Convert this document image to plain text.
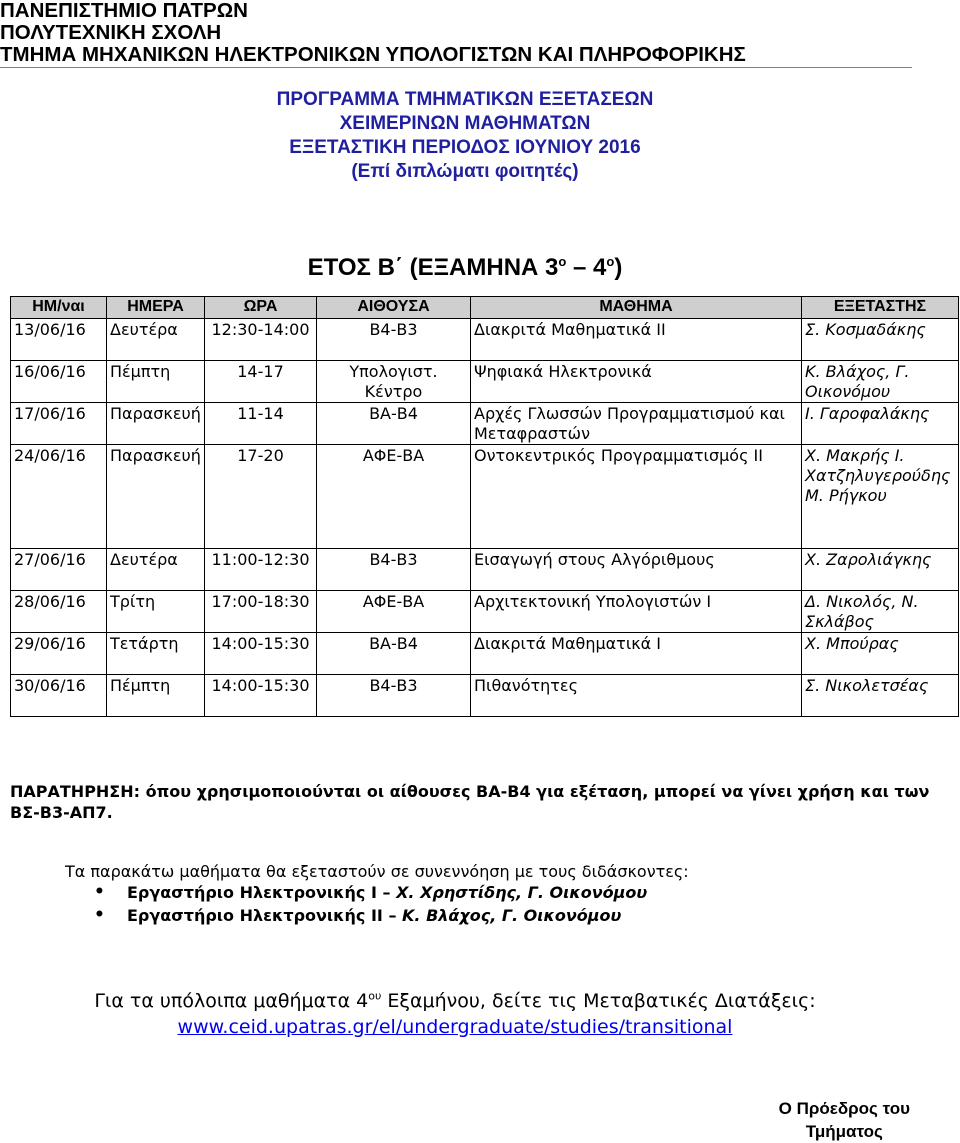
ΠΑΝΕΠΙΣΤΗΜΙΟ ΠΑΤΡΩΝ
ΠΟΛΥΤΕΧΝΙΚΗ ΣΧΟΛΗ
ΤΜΗΜΑ ΜΗΧΑΝΙΚΩΝ ΗΛΕΚΤΡΟΝΙΚΩΝ ΥΠΟΛΟΓΙΣΤΩΝ ΚΑΙ ΠΛΗΡΟΦΟΡΙΚΗΣ
ΠΡΟΓΡΑΜΜΑ ΤΜΗΜΑΤΙΚΩΝ ΕΞΕΤΑΣΕΩΝ
ΧΕΙΜΕΡΙΝΩΝ ΜΑΘΗΜΑΤΩΝ
ΕΞΕΤΑΣΤΙΚΗ ΠΕΡΙΟΔΟΣ ΙΟΥΝΙΟΥ 2016
(Επί διπλώματι φοιτητές)
ΕΤΟΣ Β΄ (ΕΞΑΜΗΝΑ $3^o - 4^o$)
ΗΜ/ναι	ΗΜΕΡΑ	ΩΡΑ	ΑΙΘΟΥΣΑ	ΜΑΘΗΜΑ	ΕΞΕΤΑΣΤΗΣ
13/06/16	Δευτέρα	12:30-14:00	Β4-Β3	Διακριτά Μαθηματικά ΙΙ	Σ. Κοσμαδάκης
16/06/16	Πέμπτη	14-17	Υπολογιστ. Κέντρο	Ψηφιακά Ηλεκτρονικά	Κ. Βλάχος, Γ. Οικονόμου
17/06/16	Παρασκευή	11-14	ΒΑ-Β4	Αρχές Γλωσσών Προγραμματισμού και Μεταφραστών	Ι. Γαροφαλάκης
24/06/16	Παρασκευή	17-20	ΑΦΕ-ΒΑ	Οντοκεντρικός Προγραμματισμός ΙΙ	Χ. Μακρής Ι. Χατζηλυγερούδης Μ. Ρήγκου
27/06/16	Δευτέρα	11:00-12:30	Β4-Β3	Εισαγωγή στους Αλγόριθμους	Χ. Ζαρολιάγκης
28/06/16	Τρίτη	17:00-18:30	ΑΦΕ-ΒΑ	Αρχιτεκτονική Υπολογιστών Ι	Δ. Νικολός, Ν. Σκλάβος
29/06/16	Τετάρτη	14:00-15:30	ΒΑ-Β4	Διακριτά Μαθηματικά Ι	Χ. Μπούρας
30/06/16	Πέμπτη	14:00-15:30	Β4-Β3	Πιθανότητες	Σ. Νικολετσέας
ΠΑΡΑΤΗΡΗΣΗ: όπου χρησιμοποιούνται οι αίθουσες ΒΑ-Β4 για εξέταση, μπορεί να γίνει χρήση και των ΒΣ-Β3-ΑΠ7.
Τα παρακάτω μαθήματα θα εξεταστούν σε συνεννόηση με τους διδάσκοντες:
• Εργαστήριο Ηλεκτρονικής Ι – Χ. Χρηστίδης, Γ. Οικονόμου
• Εργαστήριο Ηλεκτρονικής ΙΙ – Κ. Βλάχος, Γ. Οικονόμου
Για τα υπόλοιπα μαθήματα $4^{o\upsilon}$ Εξαμήνου, δείτε τις Μεταβατικές Διατάξεις:
www.ceid.upatras.gr/el/undergraduate/studies/transitional
Ο Πρόεδρος του
Τμήματος
